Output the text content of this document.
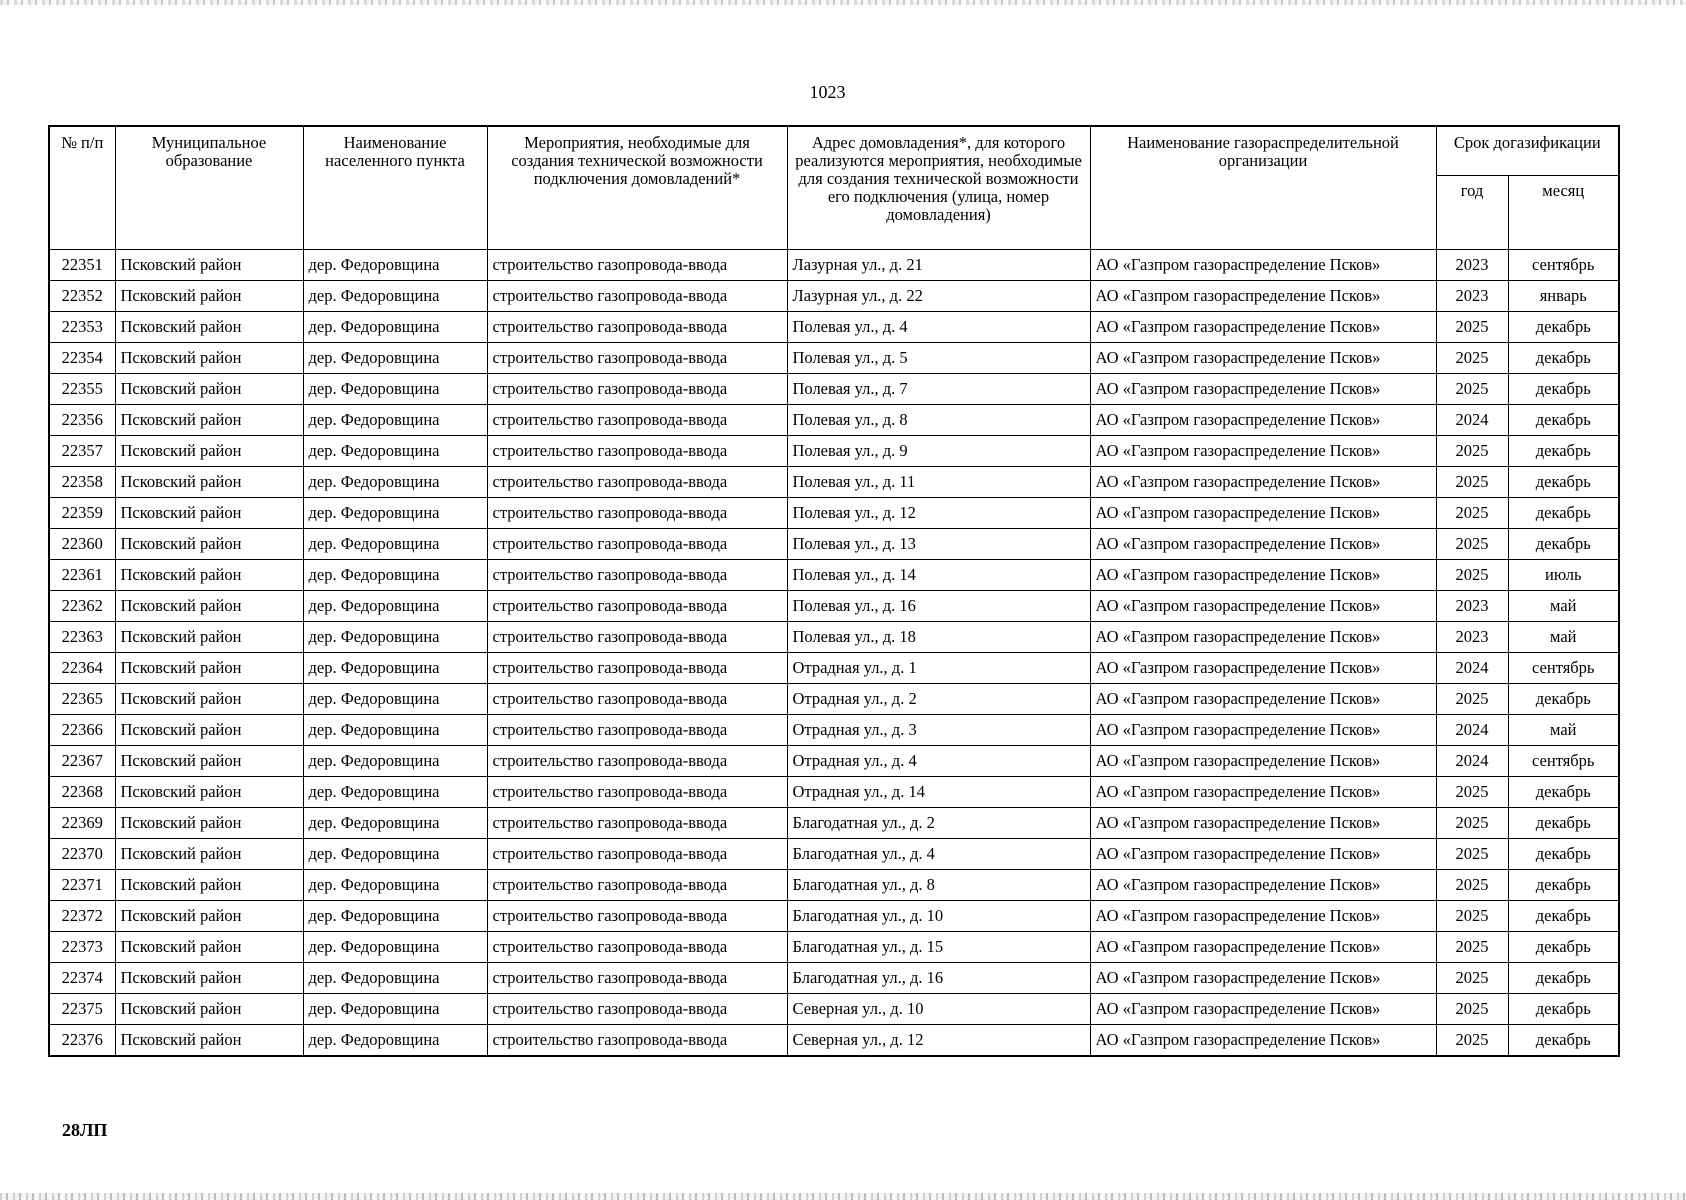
1023
№ п/п	Муниципальное образование	Наименование населенного пункта	Мероприятия, необходимые для создания технической возможности подключения домовладений*	Адрес домовладения*, для которого реализуются мероприятия, необходимые для создания технической возможности его подключения (улица, номер домовладения)	Наименование газораспределительной организации	Срок догазификации	
						год	месяц
22351	Псковский район	дер. Федоровщина	строительство газопровода-ввода	Лазурная ул., д. 21	АО «Газпром газораспределение Псков»	2023	сентябрь
22352	Псковский район	дер. Федоровщина	строительство газопровода-ввода	Лазурная ул., д. 22	АО «Газпром газораспределение Псков»	2023	январь
22353	Псковский район	дер. Федоровщина	строительство газопровода-ввода	Полевая ул., д. 4	АО «Газпром газораспределение Псков»	2025	декабрь
22354	Псковский район	дер. Федоровщина	строительство газопровода-ввода	Полевая ул., д. 5	АО «Газпром газораспределение Псков»	2025	декабрь
22355	Псковский район	дер. Федоровщина	строительство газопровода-ввода	Полевая ул., д. 7	АО «Газпром газораспределение Псков»	2025	декабрь
22356	Псковский район	дер. Федоровщина	строительство газопровода-ввода	Полевая ул., д. 8	АО «Газпром газораспределение Псков»	2024	декабрь
22357	Псковский район	дер. Федоровщина	строительство газопровода-ввода	Полевая ул., д. 9	АО «Газпром газораспределение Псков»	2025	декабрь
22358	Псковский район	дер. Федоровщина	строительство газопровода-ввода	Полевая ул., д. 11	АО «Газпром газораспределение Псков»	2025	декабрь
22359	Псковский район	дер. Федоровщина	строительство газопровода-ввода	Полевая ул., д. 12	АО «Газпром газораспределение Псков»	2025	декабрь
22360	Псковский район	дер. Федоровщина	строительство газопровода-ввода	Полевая ул., д. 13	АО «Газпром газораспределение Псков»	2025	декабрь
22361	Псковский район	дер. Федоровщина	строительство газопровода-ввода	Полевая ул., д. 14	АО «Газпром газораспределение Псков»	2025	июль
22362	Псковский район	дер. Федоровщина	строительство газопровода-ввода	Полевая ул., д. 16	АО «Газпром газораспределение Псков»	2023	май
22363	Псковский район	дер. Федоровщина	строительство газопровода-ввода	Полевая ул., д. 18	АО «Газпром газораспределение Псков»	2023	май
22364	Псковский район	дер. Федоровщина	строительство газопровода-ввода	Отрадная ул., д. 1	АО «Газпром газораспределение Псков»	2024	сентябрь
22365	Псковский район	дер. Федоровщина	строительство газопровода-ввода	Отрадная ул., д. 2	АО «Газпром газораспределение Псков»	2025	декабрь
22366	Псковский район	дер. Федоровщина	строительство газопровода-ввода	Отрадная ул., д. 3	АО «Газпром газораспределение Псков»	2024	май
22367	Псковский район	дер. Федоровщина	строительство газопровода-ввода	Отрадная ул., д. 4	АО «Газпром газораспределение Псков»	2024	сентябрь
22368	Псковский район	дер. Федоровщина	строительство газопровода-ввода	Отрадная ул., д. 14	АО «Газпром газораспределение Псков»	2025	декабрь
22369	Псковский район	дер. Федоровщина	строительство газопровода-ввода	Благодатная ул., д. 2	АО «Газпром газораспределение Псков»	2025	декабрь
22370	Псковский район	дер. Федоровщина	строительство газопровода-ввода	Благодатная ул., д. 4	АО «Газпром газораспределение Псков»	2025	декабрь
22371	Псковский район	дер. Федоровщина	строительство газопровода-ввода	Благодатная ул., д. 8	АО «Газпром газораспределение Псков»	2025	декабрь
22372	Псковский район	дер. Федоровщина	строительство газопровода-ввода	Благодатная ул., д. 10	АО «Газпром газораспределение Псков»	2025	декабрь
22373	Псковский район	дер. Федоровщина	строительство газопровода-ввода	Благодатная ул., д. 15	АО «Газпром газораспределение Псков»	2025	декабрь
22374	Псковский район	дер. Федоровщина	строительство газопровода-ввода	Благодатная ул., д. 16	АО «Газпром газораспределение Псков»	2025	декабрь
22375	Псковский район	дер. Федоровщина	строительство газопровода-ввода	Северная ул., д. 10	АО «Газпром газораспределение Псков»	2025	декабрь
22376	Псковский район	дер. Федоровщина	строительство газопровода-ввода	Северная ул., д. 12	АО «Газпром газораспределение Псков»	2025	декабрь
28ЛП
